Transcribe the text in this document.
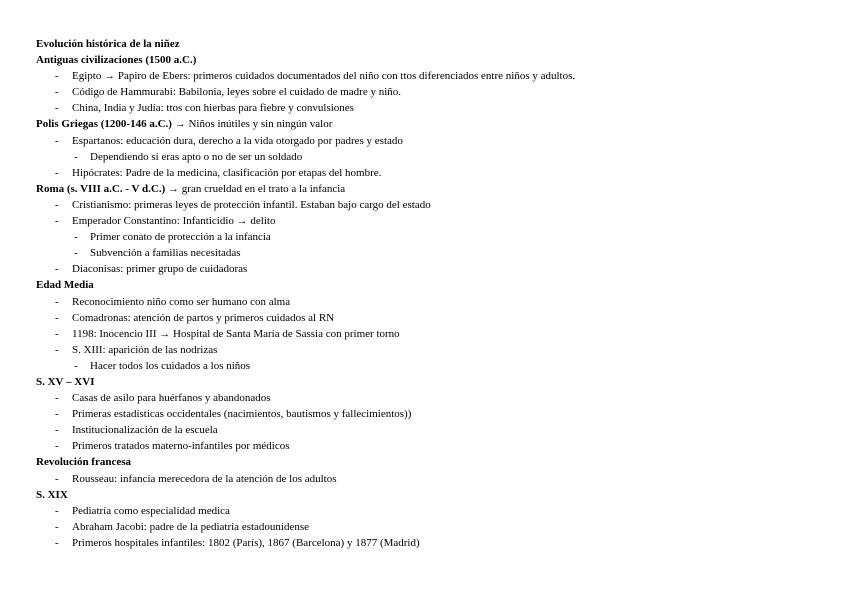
Evolución histórica de la niñez
Antiguas civilizaciones (1500 a.C.)
- Egipto → Papiro de Ebers: primeros cuidados documentados del niño con ttos diferenciados entre niños y adultos.
- Código de Hammurabi: Babilonia, leyes sobre el cuidado de madre y niño.
- China, India y Judía: ttos con hierbas para fiebre y convulsiones
Polis Griegas (1200-146 a.C.) → Niños inútiles y sin ningún valor
- Espartanos: educación dura, derecho a la vida otorgado por padres y estado
- Dependiendo si eras apto o no de ser un soldado
- Hipócrates: Padre de la medicina, clasificación por etapas del hombre.
Roma (s. VIII a.C. - V d.C.) → gran crueldad en el trato a la infancia
- Cristianismo: primeras leyes de protección infantil. Estaban bajo cargo del estado
- Emperador Constantino: Infanticidio → delito
- Primer conato de protección a la infancia
- Subvención a familias necesitadas
- Diaconisas: primer grupo de cuidadoras
Edad Media
- Reconocimiento niño como ser humano con alma
- Comadronas: atención de partos y primeros cuidados al RN
- 1198: Inocencio III → Hospital de Santa María de Sassia con primer torno
- S. XIII: aparición de las nodrizas
- Hacer todos los cuidados a los niños
S. XV – XVI
- Casas de asilo para huérfanos y abandonados
- Primeras estadísticas occidentales (nacimientos, bautismos y fallecimientos))
- Institucionalización de la escuela
- Primeros tratados materno-infantiles por médicos
Revolución francesa
- Rousseau: infancia merecedora de la atención de los adultos
S. XIX
- Pediatría como especialidad medica
- Abraham Jacobi: padre de la pediatría estadounidense
- Primeros hospitales infantiles: 1802 (París), 1867 (Barcelona) y 1877 (Madrid)
